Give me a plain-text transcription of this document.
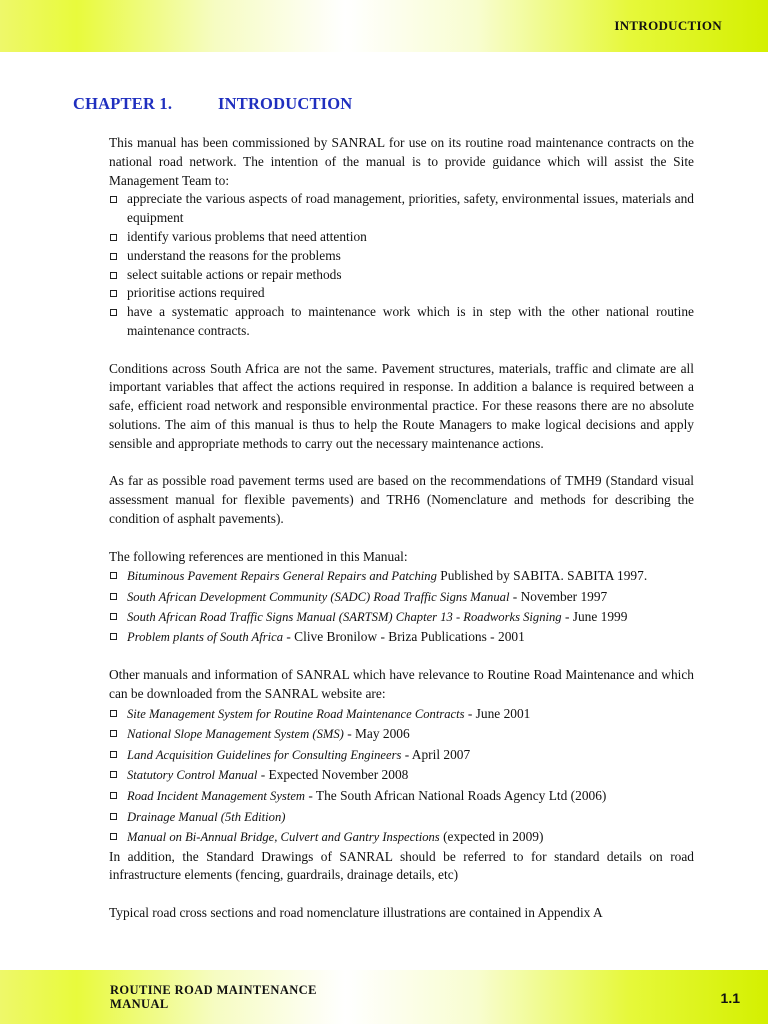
INTRODUCTION
CHAPTER 1.	INTRODUCTION

This manual has been commissioned by SANRAL for use on its routine road maintenance contracts on the national road network. The intention of the manual is to provide guidance which will assist the Site Management Team to:

appreciate the various aspects of road management, priorities, safety, environmental issues, materials and equipment
identify various problems that need attention
understand the reasons for the problems
select suitable actions or repair methods
prioritise actions required
have a systematic approach to maintenance work which is in step with the other national routine maintenance contracts.

Conditions across South Africa are not the same. Pavement structures, materials, traffic and climate are all important variables that affect the actions required in response. In addition a balance is required between a safe, efficient road network and responsible environmental practice. For these reasons there are no absolute solutions. The aim of this manual is thus to help the Route Managers to make logical decisions and apply sensible and appropriate methods to carry out the necessary maintenance actions.

As far as possible road pavement terms used are based on the recommendations of TMH9 (Standard visual assessment manual for flexible pavements) and TRH6 (Nomenclature and methods for describing the condition of asphalt pavements).

The following references are mentioned in this Manual:

Bituminous Pavement Repairs General Repairs and Patching Published by SABITA. SABITA 1997.
South African Development Community (SADC) Road Traffic Signs Manual - November 1997
South African Road Traffic Signs Manual (SARTSM) Chapter 13 - Roadworks Signing - June 1999
Problem plants of South Africa - Clive Bronilow - Briza Publications - 2001

Other manuals and information of SANRAL which have relevance to Routine Road Maintenance and which can be downloaded from the SANRAL website are:

Site Management System for Routine Road Maintenance Contracts - June 2001
National Slope Management System (SMS) - May 2006
Land Acquisition Guidelines for Consulting Engineers - April 2007
Statutory Control Manual - Expected November 2008
Road Incident Management System - The South African National Roads Agency Ltd (2006)
Drainage Manual (5th Edition)
Manual on Bi-Annual Bridge, Culvert and Gantry Inspections (expected in 2009)

In addition, the Standard Drawings of SANRAL should be referred to for standard details on road infrastructure elements (fencing, guardrails, drainage details, etc)

Typical road cross sections and road nomenclature illustrations are contained in Appendix A

ROUTINE ROAD MAINTENANCE
MANUAL	1.1
